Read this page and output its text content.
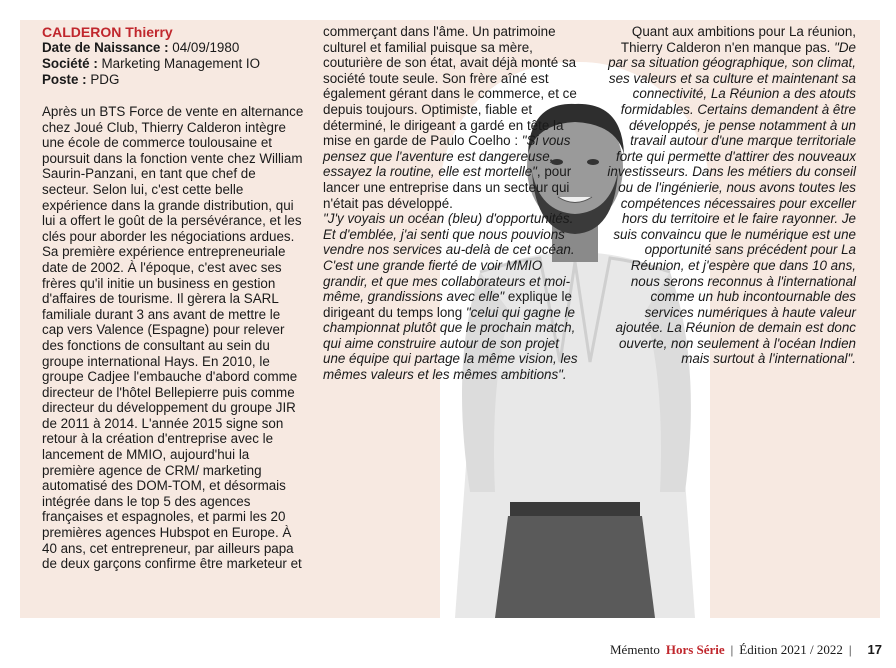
CALDERON Thierry
Date de Naissance : 04/09/1980
Société : Marketing Management IO
Poste : PDG
Après un BTS Force de vente en alternance chez Joué Club, Thierry Calderon intègre une école de commerce toulousaine et poursuit dans la fonction vente chez William Saurin-Panzani, en tant que chef de secteur. Selon lui, c'est cette belle expérience dans la grande distribution, qui lui a offert le goût de la persévérance, et les clés pour aborder les négociations ardues. Sa première expérience entrepreneuriale date de 2002. À l'époque, c'est avec ses frères qu'il initie un business en gestion d'affaires de tourisme. Il gèrera la SARL familiale durant 3 ans avant de mettre le cap vers Valence (Espagne) pour relever des fonctions de consultant au sein du groupe international Hays. En 2010, le groupe Cadjee l'embauche d'abord comme directeur de l'hôtel Bellepierre puis comme directeur du développement du groupe JIR de 2011 à 2014. L'année 2015 signe son retour à la création d'entreprise avec le lancement de MMIO, aujourd'hui la première agence de CRM/ marketing automatisé des DOM-TOM, et désormais intégrée dans le top 5 des agences françaises et espagnoles, et parmi les 20 premières agences Hubspot en Europe. À 40 ans, cet entrepreneur, par ailleurs papa de deux garçons confirme être marketeur et
commerçant dans l'âme. Un patrimoine culturel et familial puisque sa mère, couturière de son état, avait déjà monté sa société toute seule. Son frère aîné est également gérant dans le commerce, et ce depuis toujours. Optimiste, fiable et déterminé, le dirigeant a gardé en tête la mise en garde de Paulo Coelho : "Si vous pensez que l'aventure est dangereuse, essayez la routine, elle est mortelle", pour lancer une entreprise dans un secteur qui n'était pas développé.
"J'y voyais un océan (bleu) d'opportunités. Et d'emblée, j'ai senti que nous pouvions vendre nos services au-delà de cet océan. C'est une grande fierté de voir MMIO grandir, et que mes collaborateurs et moi-même, grandissions avec elle" explique le dirigeant du temps long "celui qui gagne le championnat plutôt que le prochain match, qui aime construire autour de son projet une équipe qui partage la même vision, les mêmes valeurs et les mêmes ambitions".
Quant aux ambitions pour La réunion, Thierry Calderon n'en manque pas. "De par sa situation géographique, son climat, ses valeurs et sa culture et maintenant sa connectivité, La Réunion a des atouts formidables. Certains demandent à être développés, je pense notamment à un travail autour d'une marque territoriale forte qui permette d'attirer des nouveaux investisseurs. Dans les métiers du conseil ou de l'ingénierie, nous avons toutes les compétences nécessaires pour exceller hors du territoire et le faire rayonner. Je suis convaincu que le numérique est une opportunité sans précédent pour La Réunion, et j'espère que dans 10 ans, nous serons reconnus à l'international comme un hub incontournable des services numériques à haute valeur ajoutée. La Réunion de demain est donc ouverte, non seulement à l'océan Indien mais surtout à l'international".
Mémento Hors Série | Édition 2021 / 2022 | 17
